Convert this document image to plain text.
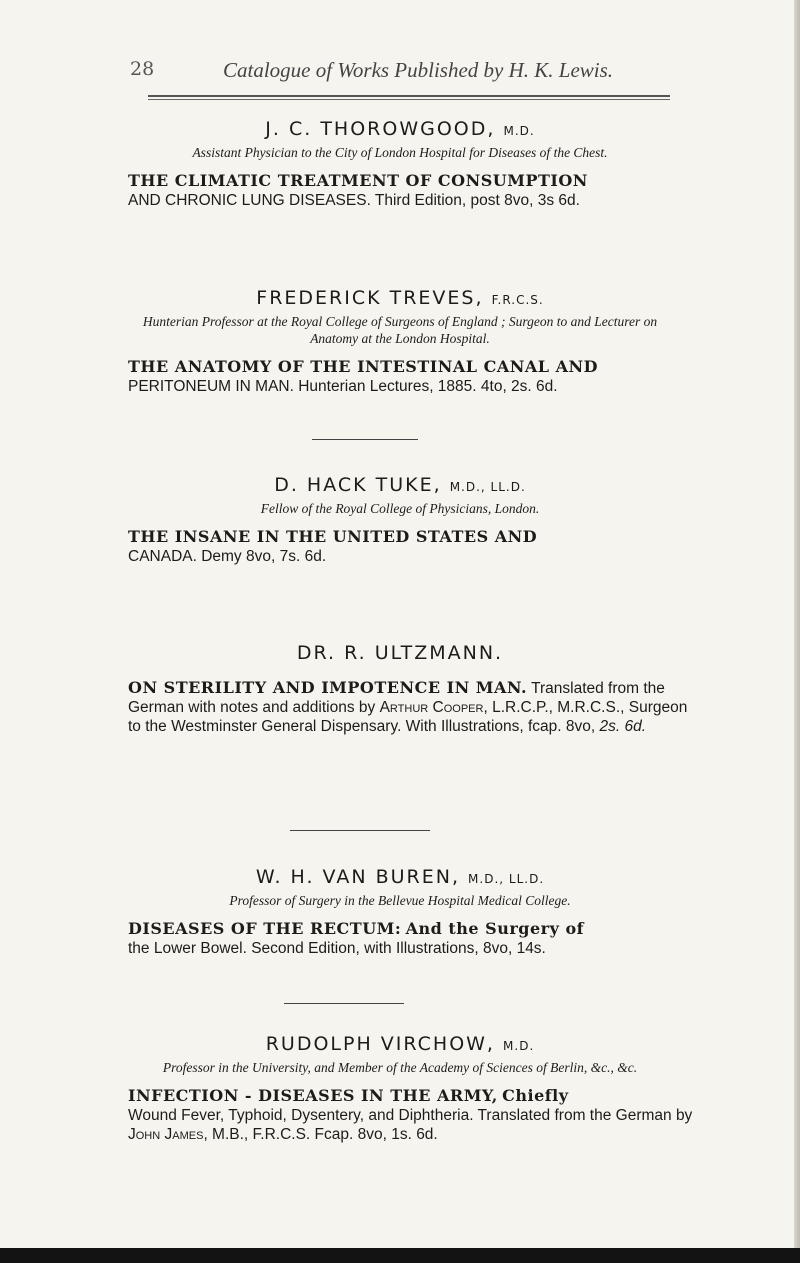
28	Catalogue of Works Published by H. K. Lewis.

J. C. THOROWGOOD, M.D.

Assistant Physician to the City of London Hospital for Diseases of the Chest.

THE CLIMATIC TREATMENT OF CONSUMPTION
AND CHRONIC LUNG DISEASES. Third Edition, post 8vo, 3s 6d.

FREDERICK TREVES, F.R.C.S.

Hunterian Professor at the Royal College of Surgeons of England ; Surgeon to and Lecturer on Anatomy at the London Hospital.

THE ANATOMY OF THE INTESTINAL CANAL AND
PERITONEUM IN MAN. Hunterian Lectures, 1885. 4to, 2s. 6d.

D. HACK TUKE, M.D., LL.D.

Fellow of the Royal College of Physicians, London.

THE INSANE IN THE UNITED STATES AND
CANADA. Demy 8vo, 7s. 6d.

DR. R. ULTZMANN.

ON STERILITY AND IMPOTENCE IN MAN. Translated from the German with notes and additions by Arthur Cooper, L.R.C.P., M.R.C.S., Surgeon to the Westminster General Dispensary. With Illustrations, fcap. 8vo, 2s. 6d.

W. H. VAN BUREN, M.D., LL.D.

Professor of Surgery in the Bellevue Hospital Medical College.

DISEASES OF THE RECTUM: And the Surgery of
the Lower Bowel. Second Edition, with Illustrations, 8vo, 14s.

RUDOLPH VIRCHOW, M.D.

Professor in the University, and Member of the Academy of Sciences of Berlin, &c., &c.

INFECTION - DISEASES IN THE ARMY, Chiefly
Wound Fever, Typhoid, Dysentery, and Diphtheria. Translated from the German by John James, M.B., F.R.C.S. Fcap. 8vo, 1s. 6d.
